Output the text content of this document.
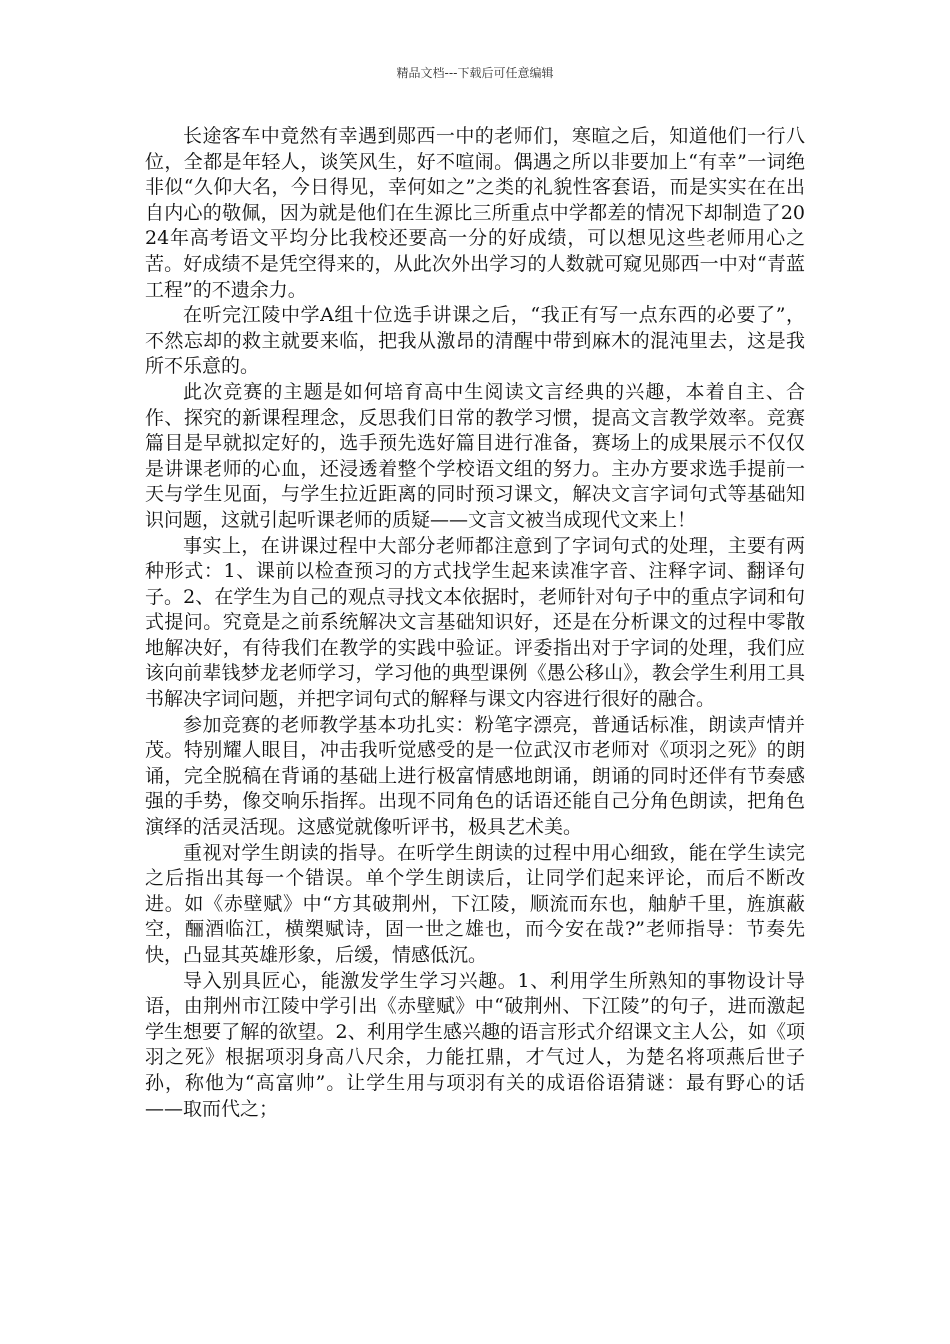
精品文档---下载后可任意编辑

长途客车中竟然有幸遇到郧西一中的老师们，寒暄之后，知道他们一行八位，全都是年轻人，谈笑风生，好不喧闹。偶遇之所以非要加上“有幸”一词绝非似“久仰大名，今日得见，幸何如之”之类的礼貌性客套语，而是实实在在出自内心的敬佩，因为就是他们在生源比三所重点中学都差的情况下却制造了2024年高考语文平均分比我校还要高一分的好成绩，可以想见这些老师用心之苦。好成绩不是凭空得来的，从此次外出学习的人数就可窥见郧西一中对“青蓝工程”的不遗余力。

在听完江陵中学A组十位选手讲课之后，“我正有写一点东西的必要了”，不然忘却的救主就要来临，把我从激昂的清醒中带到麻木的混沌里去，这是我所不乐意的。

此次竞赛的主题是如何培育高中生阅读文言经典的兴趣，本着自主、合作、探究的新课程理念，反思我们日常的教学习惯，提高文言教学效率。竞赛篇目是早就拟定好的，选手预先选好篇目进行准备，赛场上的成果展示不仅仅是讲课老师的心血，还浸透着整个学校语文组的努力。主办方要求选手提前一天与学生见面，与学生拉近距离的同时预习课文，解决文言字词句式等基础知识问题，这就引起听课老师的质疑——文言文被当成现代文来上！

事实上，在讲课过程中大部分老师都注意到了字词句式的处理，主要有两种形式：1、课前以检查预习的方式找学生起来读准字音、注释字词、翻译句子。2、在学生为自己的观点寻找文本依据时，老师针对句子中的重点字词和句式提问。究竟是之前系统解决文言基础知识好，还是在分析课文的过程中零散地解决好，有待我们在教学的实践中验证。评委指出对于字词的处理，我们应该向前辈钱梦龙老师学习，学习他的典型课例《愚公移山》，教会学生利用工具书解决字词问题，并把字词句式的解释与课文内容进行很好的融合。

参加竞赛的老师教学基本功扎实：粉笔字漂亮，普通话标准，朗读声情并茂。特别耀人眼目，冲击我听觉感受的是一位武汉市老师对《项羽之死》的朗诵，完全脱稿在背诵的基础上进行极富情感地朗诵，朗诵的同时还伴有节奏感强的手势，像交响乐指挥。出现不同角色的话语还能自己分角色朗读，把角色演绎的活灵活现。这感觉就像听评书，极具艺术美。

重视对学生朗读的指导。在听学生朗读的过程中用心细致，能在学生读完之后指出其每一个错误。单个学生朗读后，让同学们起来评论，而后不断改进。如《赤壁赋》中“方其破荆州，下江陵，顺流而东也，舳舻千里，旌旗蔽空，酾酒临江，横槊赋诗，固一世之雄也，而今安在哉?”老师指导：节奏先快，凸显其英雄形象，后缓，情感低沉。

导入别具匠心，能激发学生学习兴趣。1、利用学生所熟知的事物设计导语，由荆州市江陵中学引出《赤壁赋》中“破荆州、下江陵”的句子，进而激起学生想要了解的欲望。2、利用学生感兴趣的语言形式介绍课文主人公，如《项羽之死》根据项羽身高八尺余，力能扛鼎，才气过人，为楚名将项燕后世子孙，称他为“高富帅”。让学生用与项羽有关的成语俗语猜谜：最有野心的话——取而代之；
